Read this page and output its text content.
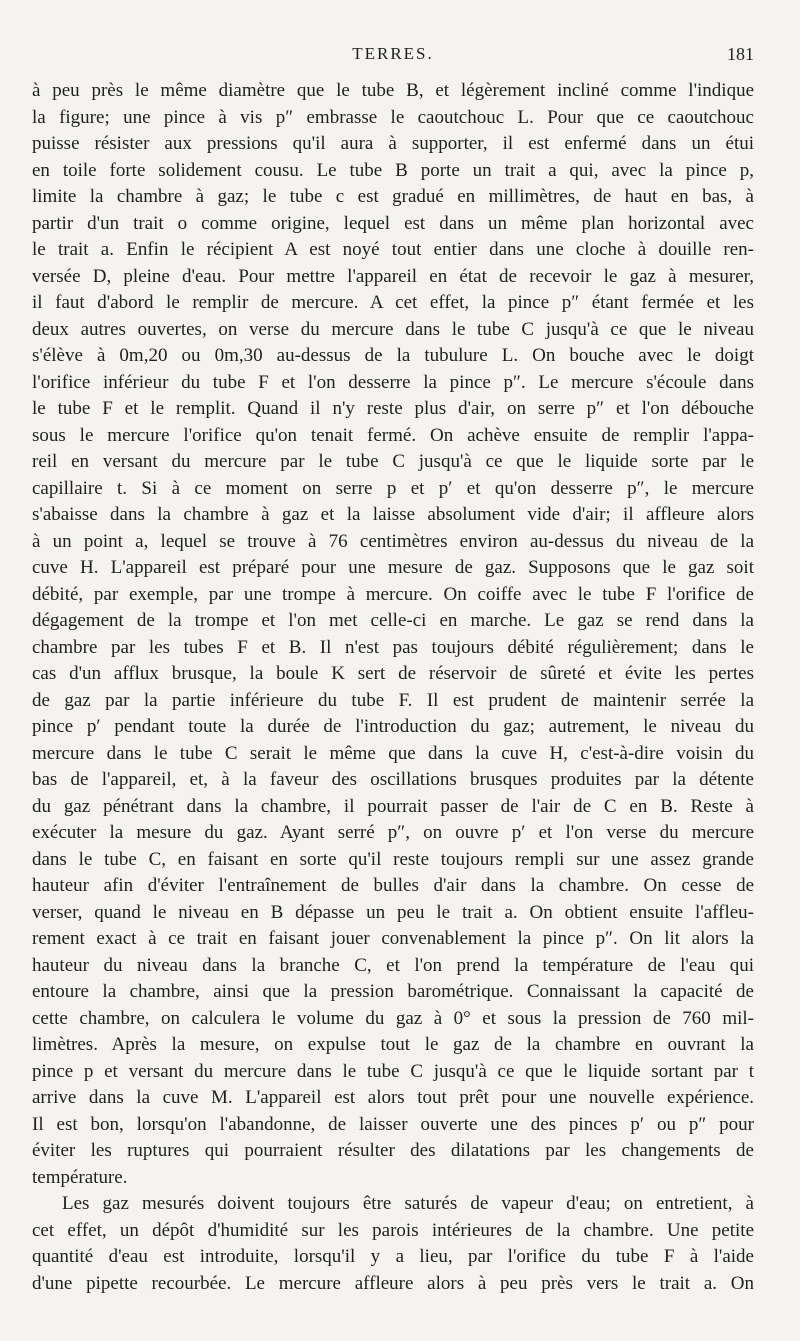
TERRES.	181
à peu près le même diamètre que le tube B, et légèrement incliné comme l'indique
la figure; une pince à vis p″ embrasse le caoutchouc L. Pour que ce caoutchouc
puisse résister aux pressions qu'il aura à supporter, il est enfermé dans un étui
en toile forte solidement cousu. Le tube B porte un trait a qui, avec la pince p,
limite la chambre à gaz; le tube c est gradué en millimètres, de haut en bas, à
partir d'un trait o comme origine, lequel est dans un même plan horizontal avec
le trait a. Enfin le récipient A est noyé tout entier dans une cloche à douille ren-
versée D, pleine d'eau. Pour mettre l'appareil en état de recevoir le gaz à mesurer,
il faut d'abord le remplir de mercure. A cet effet, la pince p″ étant fermée et les
deux autres ouvertes, on verse du mercure dans le tube C jusqu'à ce que le niveau
s'élève à 0m,20 ou 0m,30 au-dessus de la tubulure L. On bouche avec le doigt
l'orifice inférieur du tube F et l'on desserre la pince p″. Le mercure s'écoule dans
le tube F et le remplit. Quand il n'y reste plus d'air, on serre p″ et l'on débouche
sous le mercure l'orifice qu'on tenait fermé. On achève ensuite de remplir l'appa-
reil en versant du mercure par le tube C jusqu'à ce que le liquide sorte par le
capillaire t. Si à ce moment on serre p et p′ et qu'on desserre p″, le mercure
s'abaisse dans la chambre à gaz et la laisse absolument vide d'air; il affleure alors
à un point a, lequel se trouve à 76 centimètres environ au-dessus du niveau de la
cuve H. L'appareil est préparé pour une mesure de gaz. Supposons que le gaz soit
débité, par exemple, par une trompe à mercure. On coiffe avec le tube F l'orifice de
dégagement de la trompe et l'on met celle-ci en marche. Le gaz se rend dans la
chambre par les tubes F et B. Il n'est pas toujours débité régulièrement; dans le
cas d'un afflux brusque, la boule K sert de réservoir de sûreté et évite les pertes
de gaz par la partie inférieure du tube F. Il est prudent de maintenir serrée la
pince p′ pendant toute la durée de l'introduction du gaz; autrement, le niveau du
mercure dans le tube C serait le même que dans la cuve H, c'est-à-dire voisin du
bas de l'appareil, et, à la faveur des oscillations brusques produites par la détente
du gaz pénétrant dans la chambre, il pourrait passer de l'air de C en B. Reste à
exécuter la mesure du gaz. Ayant serré p″, on ouvre p′ et l'on verse du mercure
dans le tube C, en faisant en sorte qu'il reste toujours rempli sur une assez grande
hauteur afin d'éviter l'entraînement de bulles d'air dans la chambre. On cesse de
verser, quand le niveau en B dépasse un peu le trait a. On obtient ensuite l'affleu-
rement exact à ce trait en faisant jouer convenablement la pince p″. On lit alors la
hauteur du niveau dans la branche C, et l'on prend la température de l'eau qui
entoure la chambre, ainsi que la pression barométrique. Connaissant la capacité de
cette chambre, on calculera le volume du gaz à 0° et sous la pression de 760 mil-
limètres. Après la mesure, on expulse tout le gaz de la chambre en ouvrant la
pince p et versant du mercure dans le tube C jusqu'à ce que le liquide sortant par t
arrive dans la cuve M. L'appareil est alors tout prêt pour une nouvelle expérience.
Il est bon, lorsqu'on l'abandonne, de laisser ouverte une des pinces p′ ou p″ pour
éviter les ruptures qui pourraient résulter des dilatations par les changements de
température.
Les gaz mesurés doivent toujours être saturés de vapeur d'eau; on entretient, à
cet effet, un dépôt d'humidité sur les parois intérieures de la chambre. Une petite
quantité d'eau est introduite, lorsqu'il y a lieu, par l'orifice du tube F à l'aide
d'une pipette recourbée. Le mercure affleure alors à peu près vers le trait a. On
